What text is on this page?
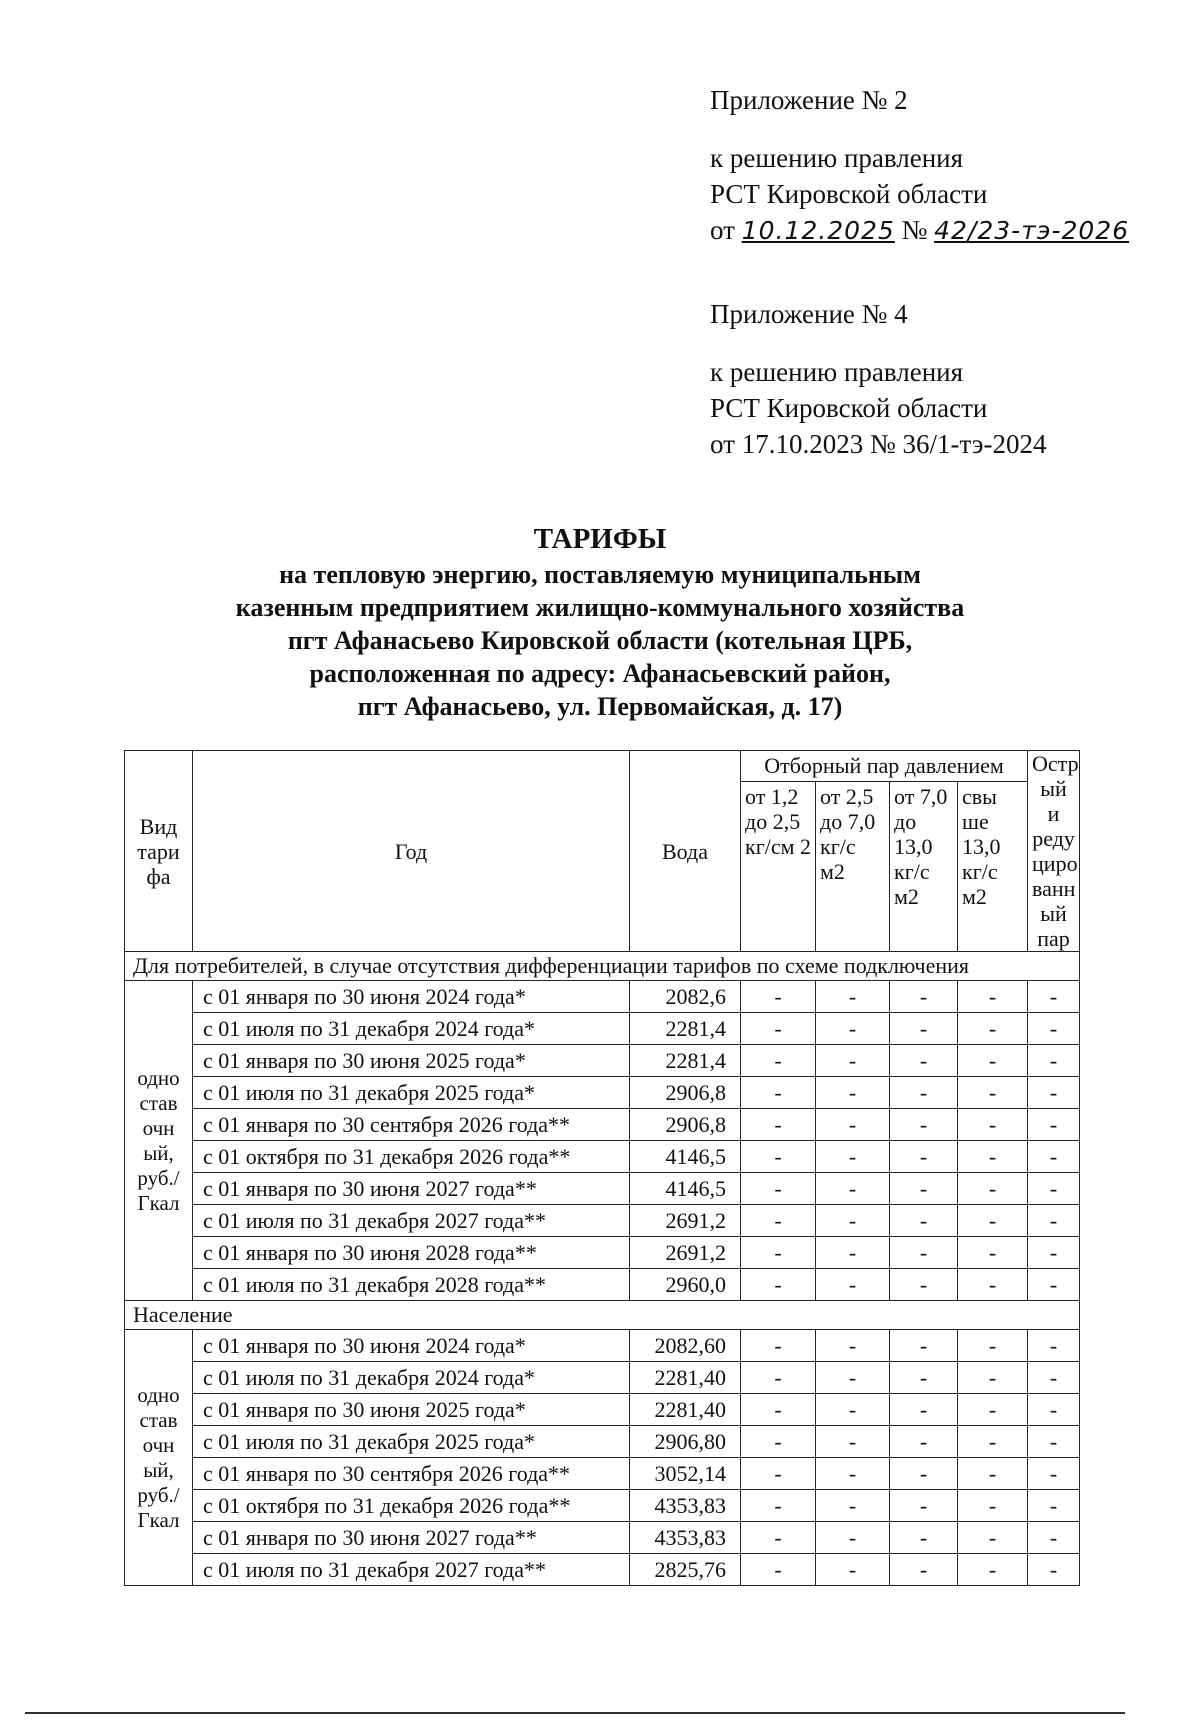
Приложение № 2
к решению правления
РСТ Кировской области
от 10.12.2025 № 42/23-тэ-2026
Приложение № 4
к решению правления
РСТ Кировской области
от 17.10.2023 № 36/1-тэ-2024
ТАРИФЫ
на тепловую энергию, поставляемую муниципальным
казенным предприятием жилищно-коммунального хозяйства
пгт Афанасьево Кировской области (котельная ЦРБ,
расположенная по адресу: Афанасьевский район,
пгт Афанасьево, ул. Первомайская, д. 17)
Вид тари фа	Год	Вода	Отборный пар давлением				Остр ый и реду циро ванн ый пар
			от 1,2 до 2,5 кг/см 2	от 2,5 до 7,0 кг/с м2	от 7,0 до 13,0 кг/с м2	свы ше 13,0 кг/с м2	
Для потребителей, в случае отсутствия дифференциации тарифов по схеме подключения							
одно став очн ый, руб./ Гкал	с 01 января по 30 июня 2024 года*	2082,6	-	-	-	-	-
	с 01 июля по 31 декабря 2024 года*	2281,4	-	-	-	-	-
	с 01 января по 30 июня 2025 года*	2281,4	-	-	-	-	-
	с 01 июля по 31 декабря 2025 года*	2906,8	-	-	-	-	-
	с 01 января по 30 сентября 2026 года**	2906,8	-	-	-	-	-
	с 01 октября по 31 декабря 2026 года**	4146,5	-	-	-	-	-
	с 01 января по 30 июня 2027 года**	4146,5	-	-	-	-	-
	с 01 июля по 31 декабря 2027 года**	2691,2	-	-	-	-	-
	с 01 января по 30 июня 2028 года**	2691,2	-	-	-	-	-
	с 01 июля по 31 декабря 2028 года**	2960,0	-	-	-	-	-
Население							
одно став очн ый, руб./ Гкал	с 01 января по 30 июня 2024 года*	2082,60	-	-	-	-	-
	с 01 июля по 31 декабря 2024 года*	2281,40	-	-	-	-	-
	с 01 января по 30 июня 2025 года*	2281,40	-	-	-	-	-
	с 01 июля по 31 декабря 2025 года*	2906,80	-	-	-	-	-
	с 01 января по 30 сентября 2026 года**	3052,14	-	-	-	-	-
	с 01 октября по 31 декабря 2026 года**	4353,83	-	-	-	-	-
	с 01 января по 30 июня 2027 года**	4353,83	-	-	-	-	-
	с 01 июля по 31 декабря 2027 года**	2825,76	-	-	-	-	-
